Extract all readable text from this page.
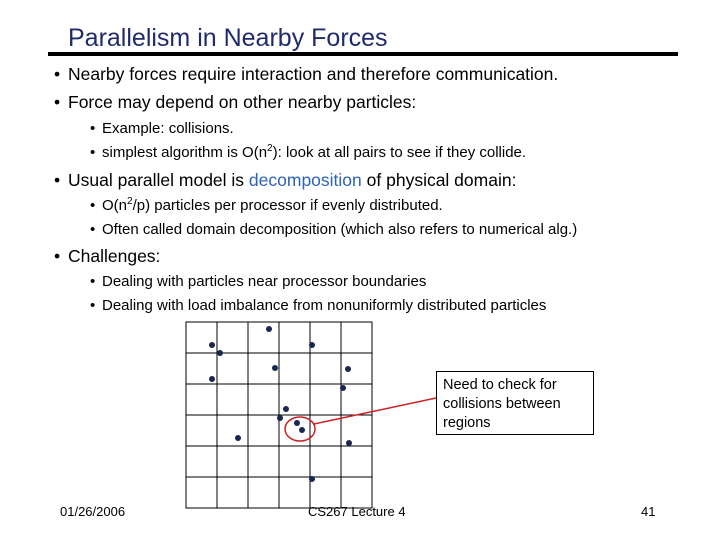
Parallelism in Nearby Forces
• Nearby forces require interaction and therefore communication.
• Force may depend on other nearby particles:
• Example: collisions.
• simplest algorithm is $O(n^2)$: look at all pairs to see if they collide.
• Usual parallel model is decomposition of physical domain:
• $O(n^2/p)$ particles per processor if evenly distributed.
• Often called domain decomposition (which also refers to numerical alg.)
• Challenges:
• Dealing with particles near processor boundaries
• Dealing with load imbalance from nonuniformly distributed particles
Need to check for collisions between regions
01/26/2006	CS267 Lecture 4	41
